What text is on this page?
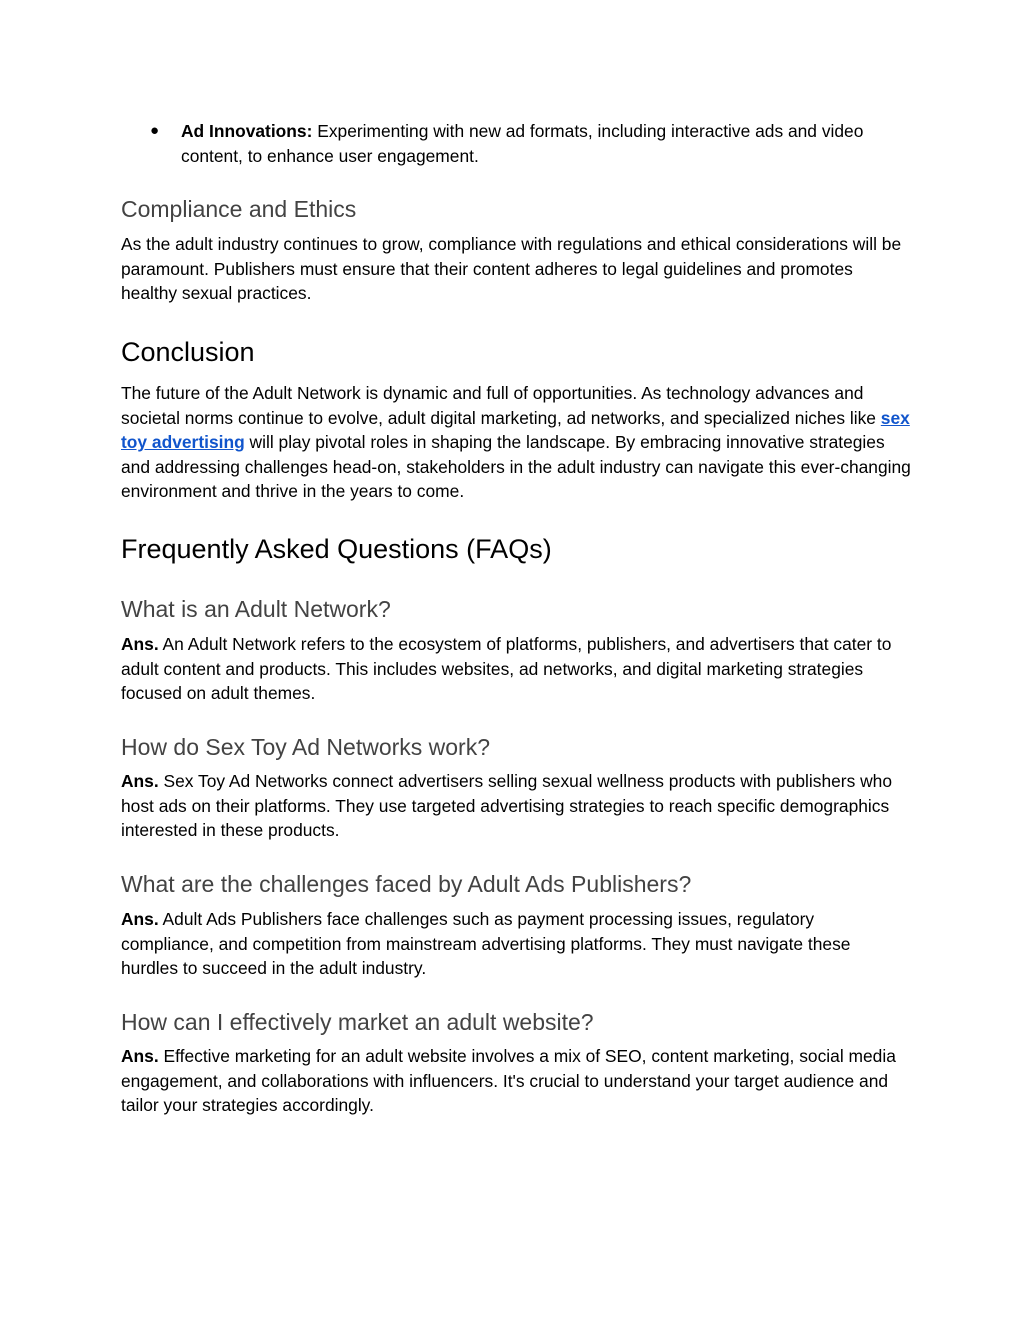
● Ad Innovations: Experimenting with new ad formats, including interactive ads and video content, to enhance user engagement.
Compliance and Ethics

As the adult industry continues to grow, compliance with regulations and ethical considerations will be paramount. Publishers must ensure that their content adheres to legal guidelines and promotes healthy sexual practices.

Conclusion

The future of the Adult Network is dynamic and full of opportunities. As technology advances and societal norms continue to evolve, adult digital marketing, ad networks, and specialized niches like sex toy advertising will play pivotal roles in shaping the landscape. By embracing innovative strategies and addressing challenges head-on, stakeholders in the adult industry can navigate this ever-changing environment and thrive in the years to come.

Frequently Asked Questions (FAQs)
What is an Adult Network?

Ans. An Adult Network refers to the ecosystem of platforms, publishers, and advertisers that cater to adult content and products. This includes websites, ad networks, and digital marketing strategies focused on adult themes.

How do Sex Toy Ad Networks work?

Ans. Sex Toy Ad Networks connect advertisers selling sexual wellness products with publishers who host ads on their platforms. They use targeted advertising strategies to reach specific demographics interested in these products.

What are the challenges faced by Adult Ads Publishers?

Ans. Adult Ads Publishers face challenges such as payment processing issues, regulatory compliance, and competition from mainstream advertising platforms. They must navigate these hurdles to succeed in the adult industry.

How can I effectively market an adult website?

Ans. Effective marketing for an adult website involves a mix of SEO, content marketing, social media engagement, and collaborations with influencers. It's crucial to understand your target audience and tailor your strategies accordingly.
